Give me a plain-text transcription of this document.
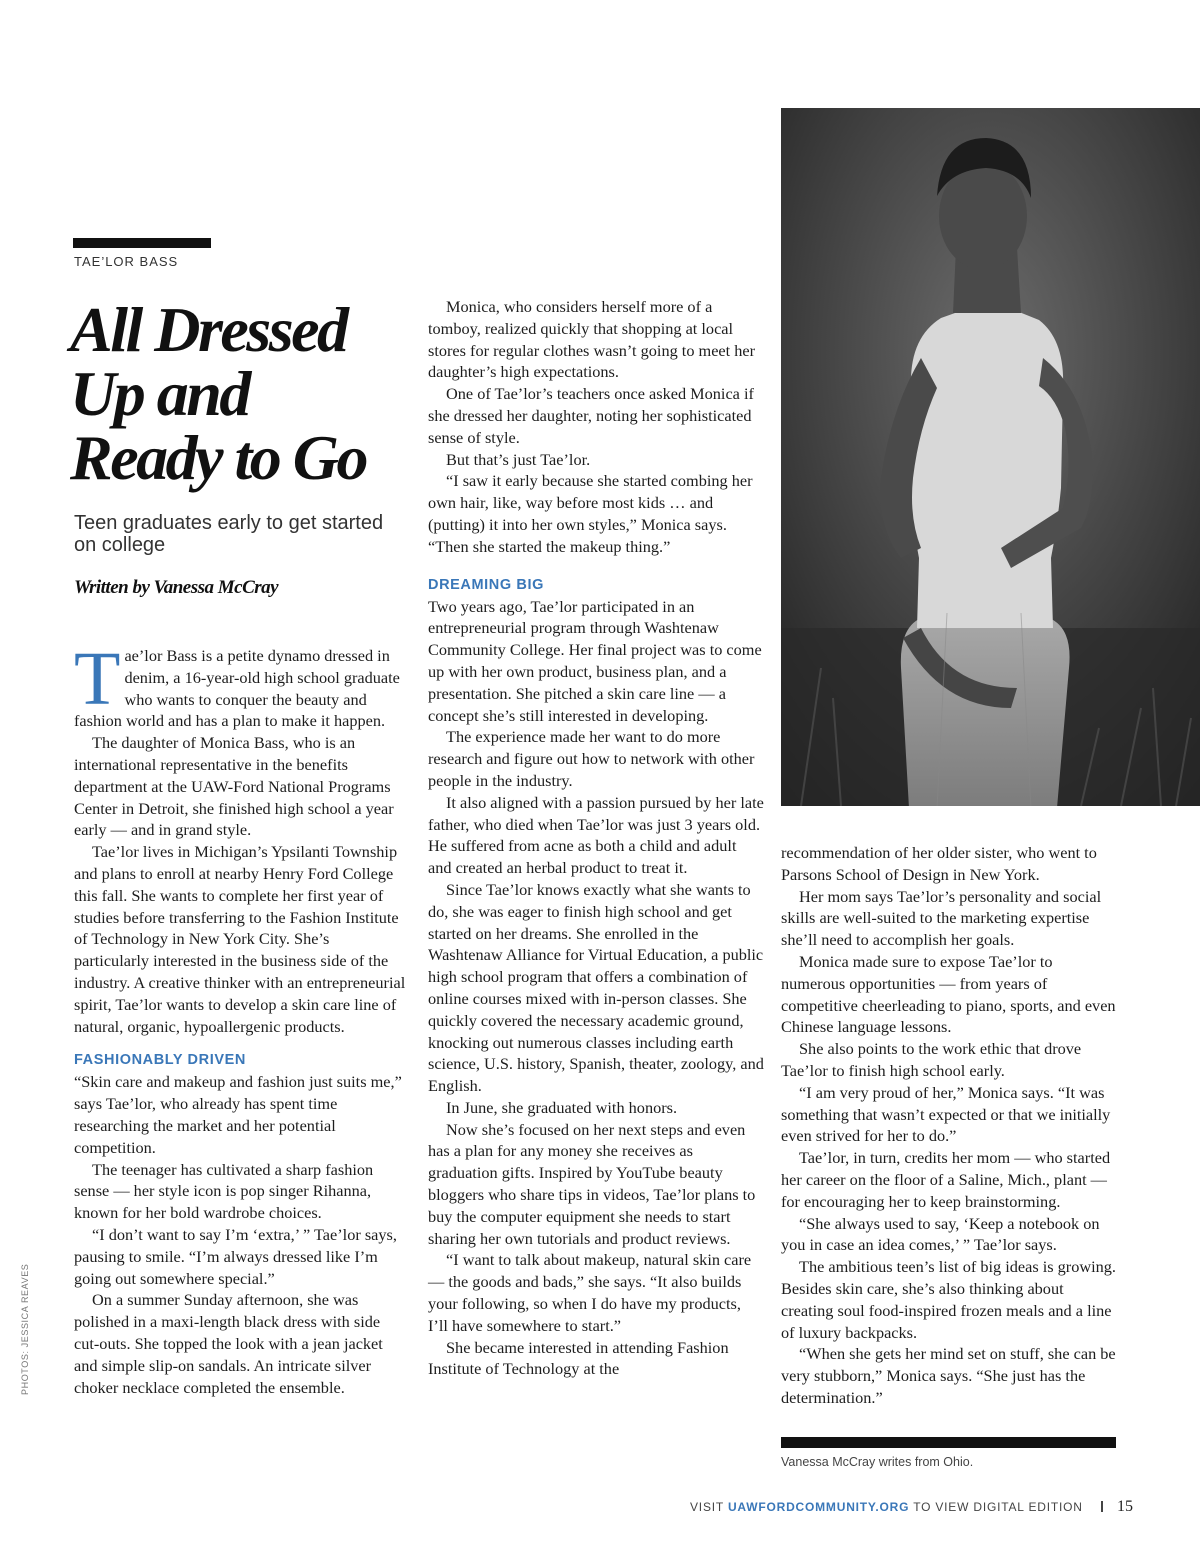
TAE’LOR BASS
All Dressed
Up and
Ready to Go
Teen graduates early to get started on college
Written by Vanessa McCray

Tae’lor Bass is a petite dynamo dressed in denim, a 16-year-old high school graduate who wants to conquer the beauty and fashion world and has a plan to make it happen.

The daughter of Monica Bass, who is an international representative in the benefits department at the UAW-Ford National Programs Center in Detroit, she finished high school a year early — and in grand style.

Tae’lor lives in Michigan’s Ypsilanti Township and plans to enroll at nearby Henry Ford College this fall. She wants to complete her first year of studies before transferring to the Fashion Institute of Technology in New York City. She’s particularly interested in the business side of the industry. A creative thinker with an entrepreneurial spirit, Tae’lor wants to develop a skin care line of natural, organic, hypoallergenic products.

FASHIONABLY DRIVEN

“Skin care and makeup and fashion just suits me,” says Tae’lor, who already has spent time researching the market and her potential competition.

The teenager has cultivated a sharp fashion sense — her style icon is pop singer Rihanna, known for her bold wardrobe choices.

“I don’t want to say I’m ‘extra,’ ” Tae’lor says, pausing to smile. “I’m always dressed like I’m going out somewhere special.”

On a summer Sunday afternoon, she was polished in a maxi-length black dress with side cut-outs. She topped the look with a jean jacket and simple slip-on sandals. An intricate silver choker necklace completed the ensemble.

Monica, who considers herself more of a tomboy, realized quickly that shopping at local stores for regular clothes wasn’t going to meet her daughter’s high expectations.

One of Tae’lor’s teachers once asked Monica if she dressed her daughter, noting her sophisticated sense of style.

But that’s just Tae’lor.

“I saw it early because she started combing her own hair, like, way before most kids … and (putting) it into her own styles,” Monica says. “Then she started the makeup thing.”

DREAMING BIG

Two years ago, Tae’lor participated in an entrepreneurial program through Washtenaw Community College. Her final project was to come up with her own product, business plan, and a presentation. She pitched a skin care line — a concept she’s still interested in developing.

The experience made her want to do more research and figure out how to network with other people in the industry.

It also aligned with a passion pursued by her late father, who died when Tae’lor was just 3 years old. He suffered from acne as both a child and adult and created an herbal product to treat it.

Since Tae’lor knows exactly what she wants to do, she was eager to finish high school and get started on her dreams. She enrolled in the Washtenaw Alliance for Virtual Education, a public high school program that offers a combination of online courses mixed with in-person classes. She quickly covered the necessary academic ground, knocking out numerous classes including earth science, U.S. history, Spanish, theater, zoology, and English.

In June, she graduated with honors.

Now she’s focused on her next steps and even has a plan for any money she receives as graduation gifts. Inspired by YouTube beauty bloggers who share tips in videos, Tae’lor plans to buy the computer equipment she needs to start sharing her own tutorials and product reviews.

“I want to talk about makeup, natural skin care — the goods and bads,” she says. “It also builds your following, so when I do have my products, I’ll have somewhere to start.”

She became interested in attending Fashion Institute of Technology at the

recommendation of her older sister, who went to Parsons School of Design in New York.

Her mom says Tae’lor’s personality and social skills are well-suited to the marketing expertise she’ll need to accomplish her goals.

Monica made sure to expose Tae’lor to numerous opportunities — from years of competitive cheerleading to piano, sports, and even Chinese language lessons.

She also points to the work ethic that drove Tae’lor to finish high school early.

“I am very proud of her,” Monica says. “It was something that wasn’t expected or that we initially even strived for her to do.”

Tae’lor, in turn, credits her mom — who started her career on the floor of a Saline, Mich., plant — for encouraging her to keep brainstorming.

“She always used to say, ‘Keep a notebook on you in case an idea comes,’ ” Tae’lor says.

The ambitious teen’s list of big ideas is growing. Besides skin care, she’s also thinking about creating soul food-inspired frozen meals and a line of luxury backpacks.

“When she gets her mind set on stuff, she can be very stubborn,” Monica says. “She just has the determination.”

PHOTOS: JESSICA REAVES
Vanessa McCray writes from Ohio.
VISIT UAWFORDCOMMUNITY.ORG TO VIEW DIGITAL EDITION 15
